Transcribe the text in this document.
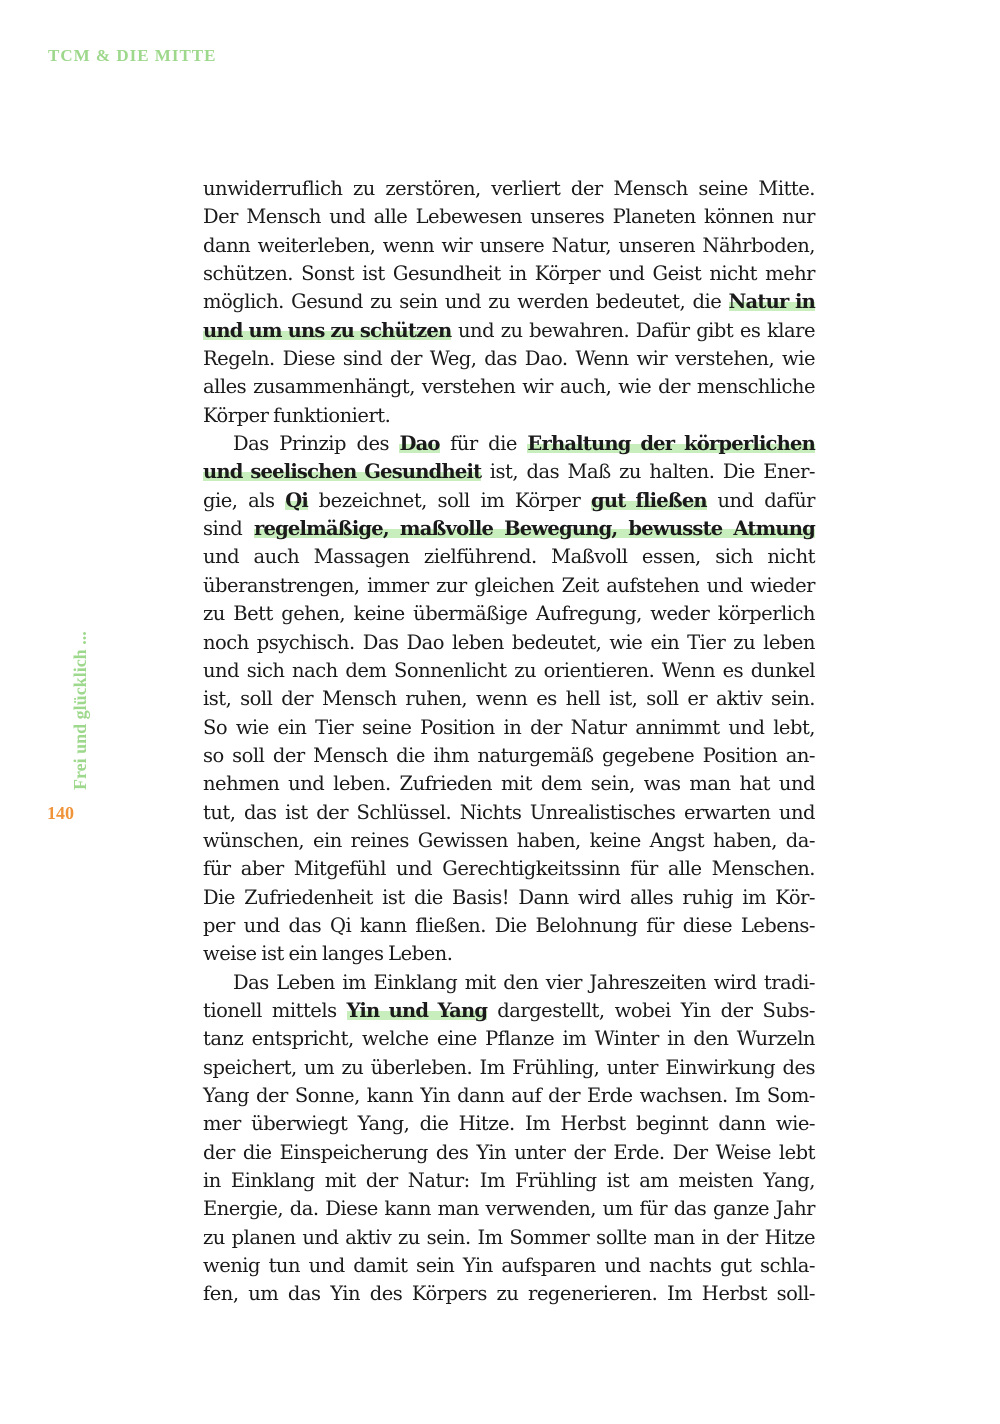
TCM & DIE MITTE
Frei und glücklich ...
140
unwiderruflich zu zerstören, verliert der Mensch seine Mitte.
Der Mensch und alle Lebewesen unseres Planeten können nur
dann weiterleben, wenn wir unsere Natur, unseren Nährboden,
schützen. Sonst ist Gesundheit in Körper und Geist nicht mehr
möglich. Gesund zu sein und zu werden bedeutet, die Natur in
und um uns zu schützen und zu bewahren. Dafür gibt es klare
Regeln. Diese sind der Weg, das Dao. Wenn wir verstehen, wie
alles zusammenhängt, verstehen wir auch, wie der menschliche
Körper funktioniert.
Das Prinzip des Dao für die Erhaltung der körperlichen
und seelischen Gesundheit ist, das Maß zu halten. Die Ener-
gie, als Qi bezeichnet, soll im Körper gut fließen und dafür
sind regelmäßige, maßvolle Bewegung, bewusste Atmung
und auch Massagen zielführend. Maßvoll essen, sich nicht
überanstrengen, immer zur gleichen Zeit aufstehen und wieder
zu Bett gehen, keine übermäßige Aufregung, weder körperlich
noch psychisch. Das Dao leben bedeutet, wie ein Tier zu leben
und sich nach dem Sonnenlicht zu orientieren. Wenn es dunkel
ist, soll der Mensch ruhen, wenn es hell ist, soll er aktiv sein.
So wie ein Tier seine Position in der Natur annimmt und lebt,
so soll der Mensch die ihm naturgemäß gegebene Position an-
nehmen und leben. Zufrieden mit dem sein, was man hat und
tut, das ist der Schlüssel. Nichts Unrealistisches erwarten und
wünschen, ein reines Gewissen haben, keine Angst haben, da-
für aber Mitgefühl und Gerechtigkeitssinn für alle Menschen.
Die Zufriedenheit ist die Basis! Dann wird alles ruhig im Kör-
per und das Qi kann fließen. Die Belohnung für diese Lebens-
weise ist ein langes Leben.
Das Leben im Einklang mit den vier Jahreszeiten wird tradi-
tionell mittels Yin und Yang dargestellt, wobei Yin der Subs-
tanz entspricht, welche eine Pflanze im Winter in den Wurzeln
speichert, um zu überleben. Im Frühling, unter Einwirkung des
Yang der Sonne, kann Yin dann auf der Erde wachsen. Im Som-
mer überwiegt Yang, die Hitze. Im Herbst beginnt dann wie-
der die Einspeicherung des Yin unter der Erde. Der Weise lebt
in Einklang mit der Natur: Im Frühling ist am meisten Yang,
Energie, da. Diese kann man verwenden, um für das ganze Jahr
zu planen und aktiv zu sein. Im Sommer sollte man in der Hitze
wenig tun und damit sein Yin aufsparen und nachts gut schla-
fen, um das Yin des Körpers zu regenerieren. Im Herbst soll-
